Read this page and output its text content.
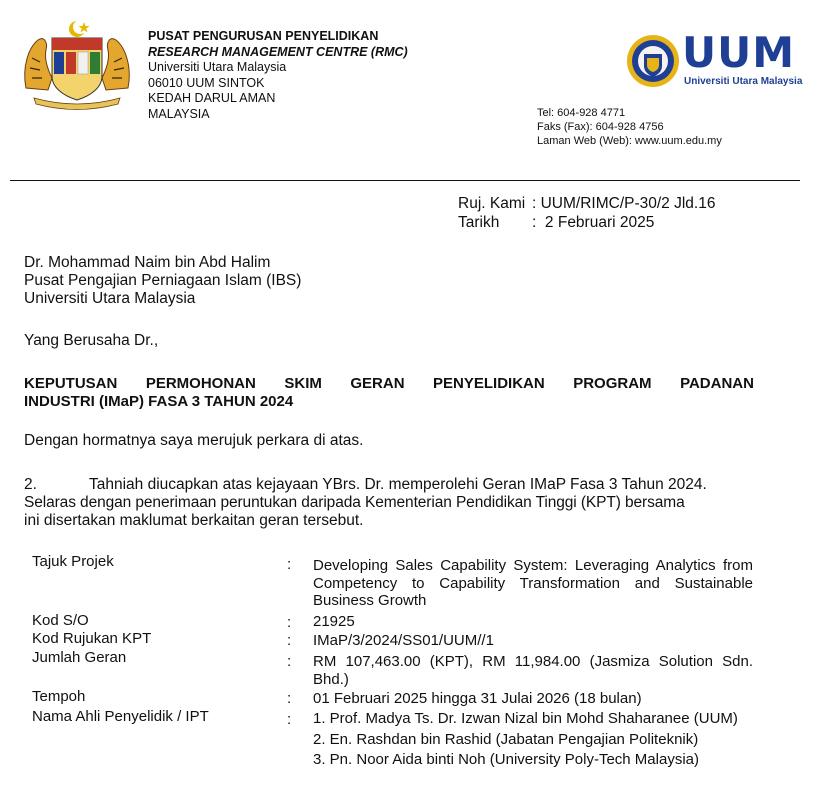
PUSAT PENGURUSAN PENYELIDIKAN
RESEARCH MANAGEMENT CENTRE (RMC)
Universiti Utara Malaysia
06010 UUM SINTOK
KEDAH DARUL AMAN
MALAYSIA
UUM
Universiti Utara Malaysia
Tel: 604-928 4771
Faks (Fax): 604-928 4756
Laman Web (Web): www.uum.edu.my
Ruj. Kami : UUM/RIMC/P-30/2 Jld.16
Tarikh :  2 Februari 2025
Dr. Mohammad Naim bin Abd Halim
Pusat Pengajian Perniagaan Islam (IBS)
Universiti Utara Malaysia
Yang Berusaha Dr.,
KEPUTUSAN PERMOHONAN SKIM GERAN PENYELIDIKAN PROGRAM PADANAN
INDUSTRI (IMaP) FASA 3 TAHUN 2024
Dengan hormatnya saya merujuk perkara di atas.
2.	Tahniah diucapkan atas kejayaan YBrs. Dr. memperolehi Geran IMaP Fasa 3 Tahun 2024.
Selaras dengan penerimaan peruntukan daripada Kementerian Pendidikan Tinggi (KPT) bersama
ini disertakan maklumat berkaitan geran tersebut.
Tajuk Projek	: Developing Sales Capability System: Leveraging Analytics from Competency to Capability Transformation and Sustainable Business Growth
Kod S/O	: 21925
Kod Rujukan KPT	: IMaP/3/2024/SS01/UUM//1
Jumlah Geran	: RM 107,463.00 (KPT), RM 11,984.00 (Jasmiza Solution Sdn. Bhd.)
Tempoh	: 01 Februari 2025 hingga 31 Julai 2026 (18 bulan)
Nama Ahli Penyelidik / IPT	: 1. Prof. Madya Ts. Dr. Izwan Nizal bin Mohd Shaharanee (UUM)
2. En. Rashdan bin Rashid (Jabatan Pengajian Politeknik)
3. Pn. Noor Aida binti Noh (University Poly-Tech Malaysia)
